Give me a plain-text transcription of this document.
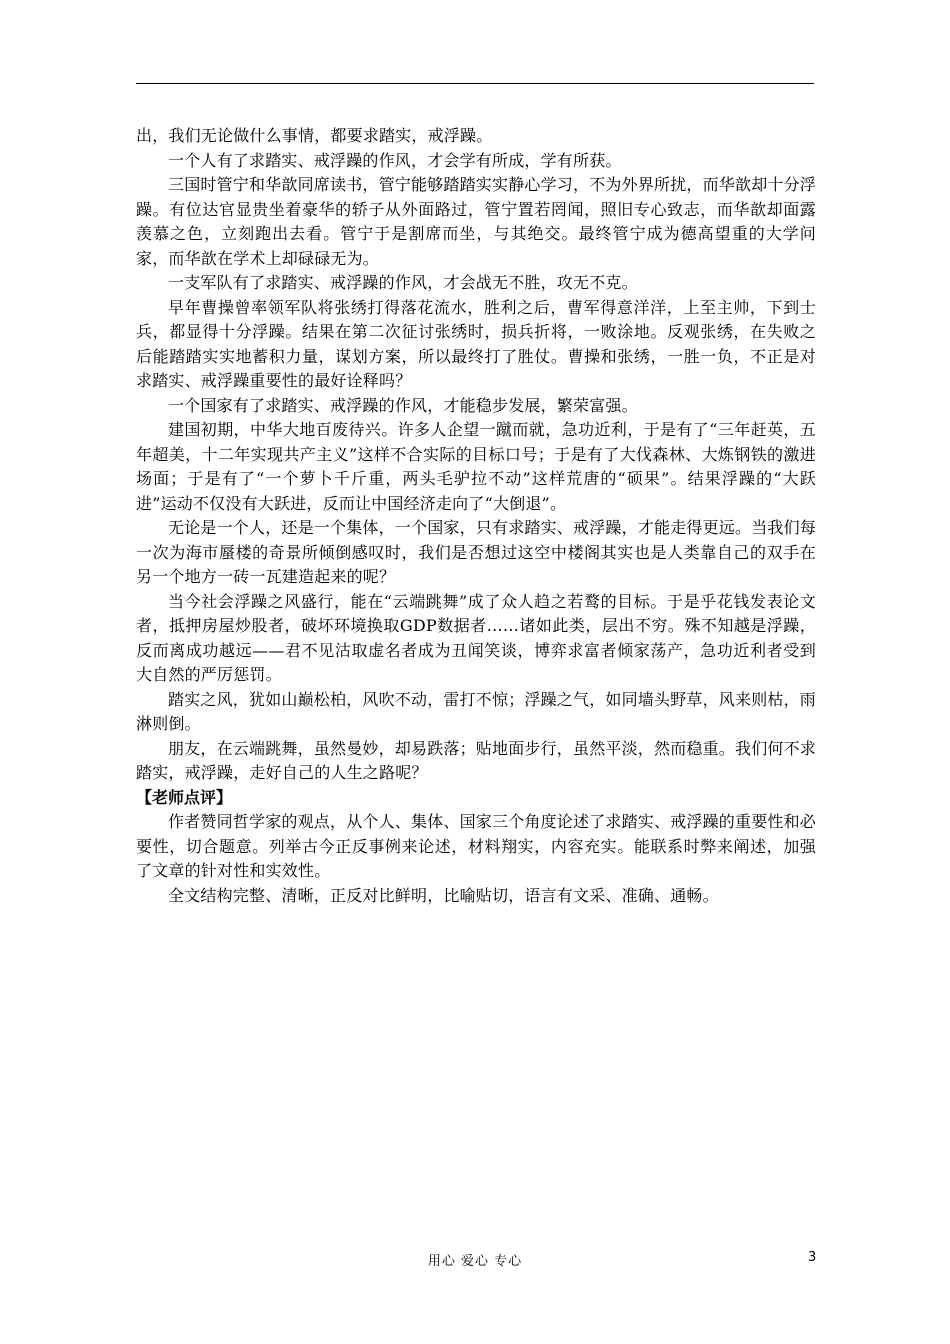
出，我们无论做什么事情，都要求踏实，戒浮躁。

一个人有了求踏实、戒浮躁的作风，才会学有所成，学有所获。

三国时管宁和华歆同席读书，管宁能够踏踏实实静心学习，不为外界所扰，而华歆却十分浮躁。有位达官显贵坐着豪华的轿子从外面路过，管宁置若罔闻，照旧专心致志，而华歆却面露羡慕之色，立刻跑出去看。管宁于是割席而坐，与其绝交。最终管宁成为德高望重的大学问家，而华歆在学术上却碌碌无为。

一支军队有了求踏实、戒浮躁的作风，才会战无不胜，攻无不克。

早年曹操曾率领军队将张绣打得落花流水，胜利之后，曹军得意洋洋，上至主帅，下到士兵，都显得十分浮躁。结果在第二次征讨张绣时，损兵折将，一败涂地。反观张绣，在失败之后能踏踏实实地蓄积力量，谋划方案，所以最终打了胜仗。曹操和张绣，一胜一负，不正是对求踏实、戒浮躁重要性的最好诠释吗？

一个国家有了求踏实、戒浮躁的作风，才能稳步发展，繁荣富强。

建国初期，中华大地百废待兴。许多人企望一蹴而就，急功近利，于是有了“三年赶英，五年超美，十二年实现共产主义”这样不合实际的目标口号；于是有了大伐森林、大炼钢铁的激进场面；于是有了“一个萝卜千斤重，两头毛驴拉不动”这样荒唐的“硕果”。结果浮躁的“大跃进”运动不仅没有大跃进，反而让中国经济走向了“大倒退”。

无论是一个人，还是一个集体，一个国家，只有求踏实、戒浮躁，才能走得更远。当我们每一次为海市蜃楼的奇景所倾倒感叹时，我们是否想过这空中楼阁其实也是人类靠自己的双手在另一个地方一砖一瓦建造起来的呢？

当今社会浮躁之风盛行，能在“云端跳舞”成了众人趋之若鹜的目标。于是乎花钱发表论文者，抵押房屋炒股者，破坏环境换取GDP数据者……诸如此类，层出不穷。殊不知越是浮躁，反而离成功越远——君不见沽取虚名者成为丑闻笑谈，博弈求富者倾家荡产，急功近利者受到大自然的严厉惩罚。

踏实之风，犹如山巅松柏，风吹不动，雷打不惊；浮躁之气，如同墙头野草，风来则枯，雨淋则倒。

朋友，在云端跳舞，虽然曼妙，却易跌落；贴地面步行，虽然平淡，然而稳重。我们何不求踏实，戒浮躁，走好自己的人生之路呢？

【老师点评】

作者赞同哲学家的观点，从个人、集体、国家三个角度论述了求踏实、戒浮躁的重要性和必要性，切合题意。列举古今正反事例来论述，材料翔实，内容充实。能联系时弊来阐述，加强了文章的针对性和实效性。

全文结构完整、清晰，正反对比鲜明，比喻贴切，语言有文采、准确、通畅。

用心 爱心 专心	3
